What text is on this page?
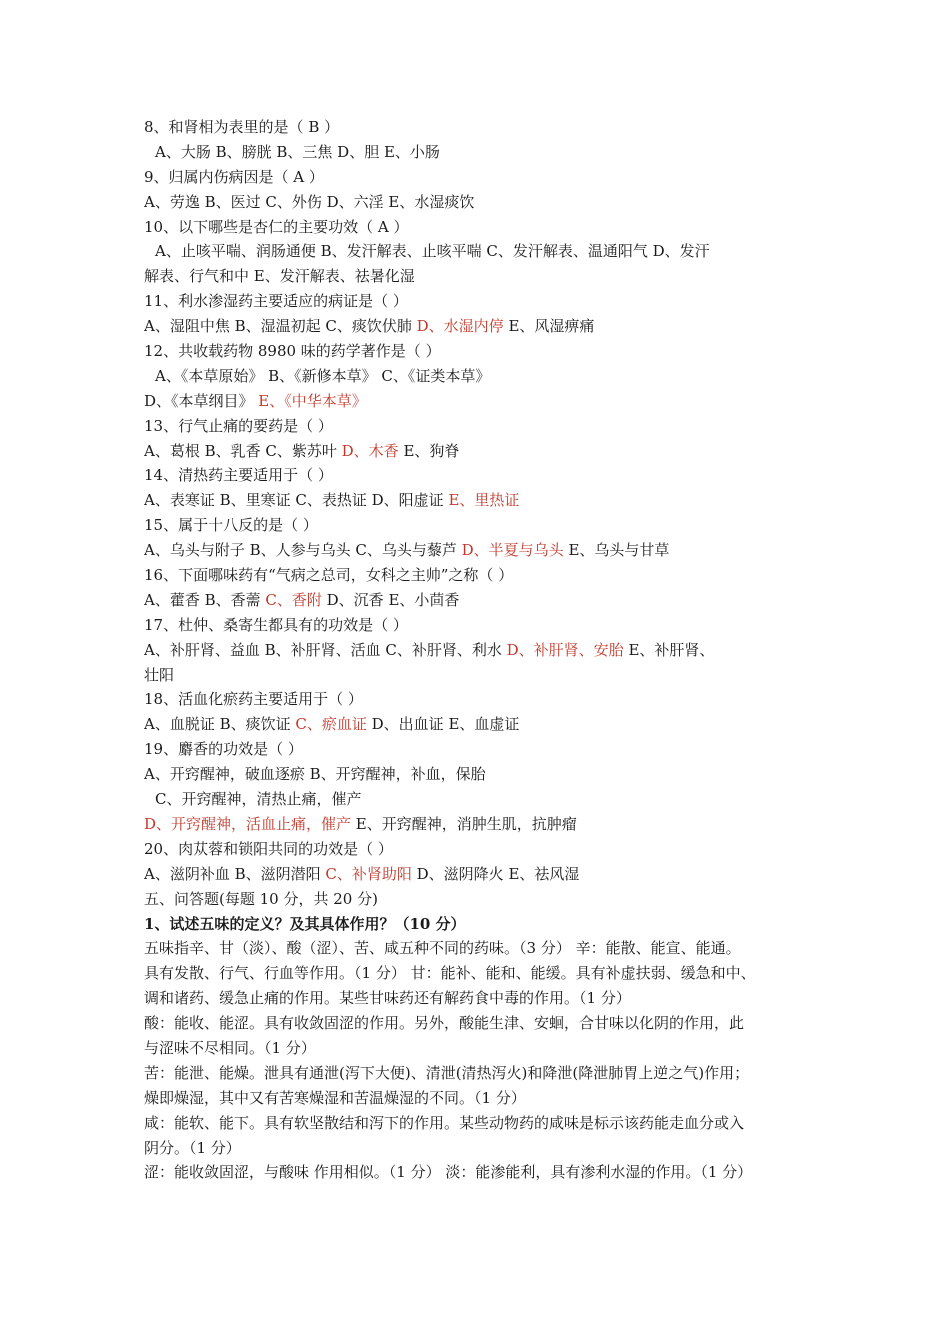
8、和肾相为表里的是（ B ）
A、大肠 B、膀胱 B、三焦 D、胆 E、小肠
9、归属内伤病因是（ A ）
A、劳逸 B、医过 C、外伤 D、六淫 E、水湿痰饮
10、以下哪些是杏仁的主要功效（ A ）
A、止咳平喘、润肠通便 B、发汗解表、止咳平喘 C、发汗解表、温通阳气 D、发汗
解表、行气和中 E、发汗解表、祛暑化湿
11、利水渗湿药主要适应的病证是（ ）
A、湿阻中焦 B、湿温初起 C、痰饮伏肺 D、水湿内停 E、风湿痹痛
12、共收载药物 8980 味的药学著作是（ ）
A、《本草原始》 B、《新修本草》 C、《证类本草》
D、《本草纲目》 E、《中华本草》
13、行气止痛的要药是（ ）
A、葛根 B、乳香 C、紫苏叶 D、木香 E、狗脊
14、清热药主要适用于（ ）
A、表寒证 B、里寒证 C、表热证 D、阳虚证 E、里热证
15、属于十八反的是（ ）
A、乌头与附子 B、人参与乌头 C、乌头与藜芦 D、半夏与乌头 E、乌头与甘草
16、下面哪味药有“气病之总司，女科之主帅”之称（ ）
A、藿香 B、香薷 C、香附 D、沉香 E、小茴香
17、杜仲、桑寄生都具有的功效是（ ）
A、补肝肾、益血 B、补肝肾、活血 C、补肝肾、利水 D、补肝肾、安胎 E、补肝肾、
壮阳
18、活血化瘀药主要适用于（ ）
A、血脱证 B、痰饮证 C、瘀血证 D、出血证 E、血虚证
19、麝香的功效是（ ）
A、开窍醒神，破血逐瘀 B、开窍醒神，补血，保胎
C、开窍醒神，清热止痛，催产
D、开窍醒神，活血止痛，催产 E、开窍醒神，消肿生肌，抗肿瘤
20、肉苁蓉和锁阳共同的功效是（ ）
A、滋阴补血 B、滋阴潜阳 C、补肾助阳 D、滋阴降火 E、祛风湿
五、问答题(每题 10 分，共 20 分)
1、试述五味的定义？及其具体作用？（10 分）
五味指辛、甘（淡）、酸（涩）、苦、咸五种不同的药味。（3 分） 辛：能散、能宣、能通。
具有发散、行气、行血等作用。（1 分） 甘：能补、能和、能缓。具有补虚扶弱、缓急和中、
调和诸药、缓急止痛的作用。某些甘味药还有解药食中毒的作用。（1 分）
酸：能收、能涩。具有收敛固涩的作用。另外，酸能生津、安蛔，合甘味以化阴的作用，此
与涩味不尽相同。（1 分）
苦：能泄、能燥。泄具有通泄(泻下大便)、清泄(清热泻火)和降泄(降泄肺胃上逆之气)作用；
燥即燥湿，其中又有苦寒燥湿和苦温燥湿的不同。（1 分）
咸：能软、能下。具有软坚散结和泻下的作用。某些动物药的咸味是标示该药能走血分或入
阴分。（1 分）
涩：能收敛固涩，与酸味 作用相似。（1 分） 淡：能渗能利，具有渗利水湿的作用。（1 分）
